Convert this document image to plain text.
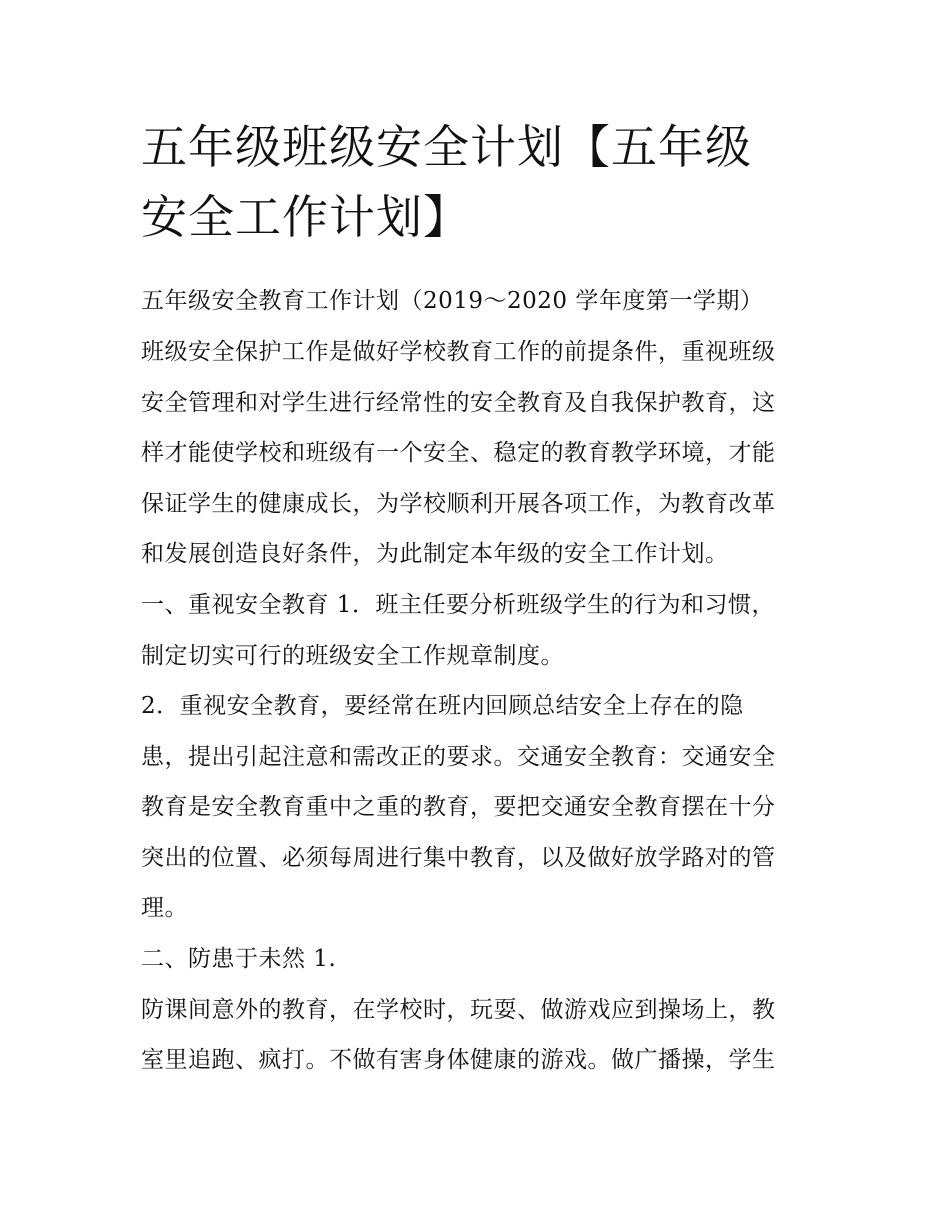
五年级班级安全计划【五年级
安全工作计划】

五年级安全教育工作计划（2019～2020 学年度第一学期）

班级安全保护工作是做好学校教育工作的前提条件，重视班级

安全管理和对学生进行经常性的安全教育及自我保护教育，这

样才能使学校和班级有一个安全、稳定的教育教学环境，才能

保证学生的健康成长，为学校顺利开展各项工作，为教育改革

和发展创造良好条件，为此制定本年级的安全工作计划。

一、重视安全教育 1．班主任要分析班级学生的行为和习惯，

制定切实可行的班级安全工作规章制度。

2．重视安全教育，要经常在班内回顾总结安全上存在的隐

患，提出引起注意和需改正的要求。交通安全教育：交通安全

教育是安全教育重中之重的教育，要把交通安全教育摆在十分

突出的位置、必须每周进行集中教育，以及做好放学路对的管

理。

二、防患于未然 1.

防课间意外的教育，在学校时，玩耍、做游戏应到操场上，教

室里追跑、疯打。不做有害身体健康的游戏。做广播操，学生
